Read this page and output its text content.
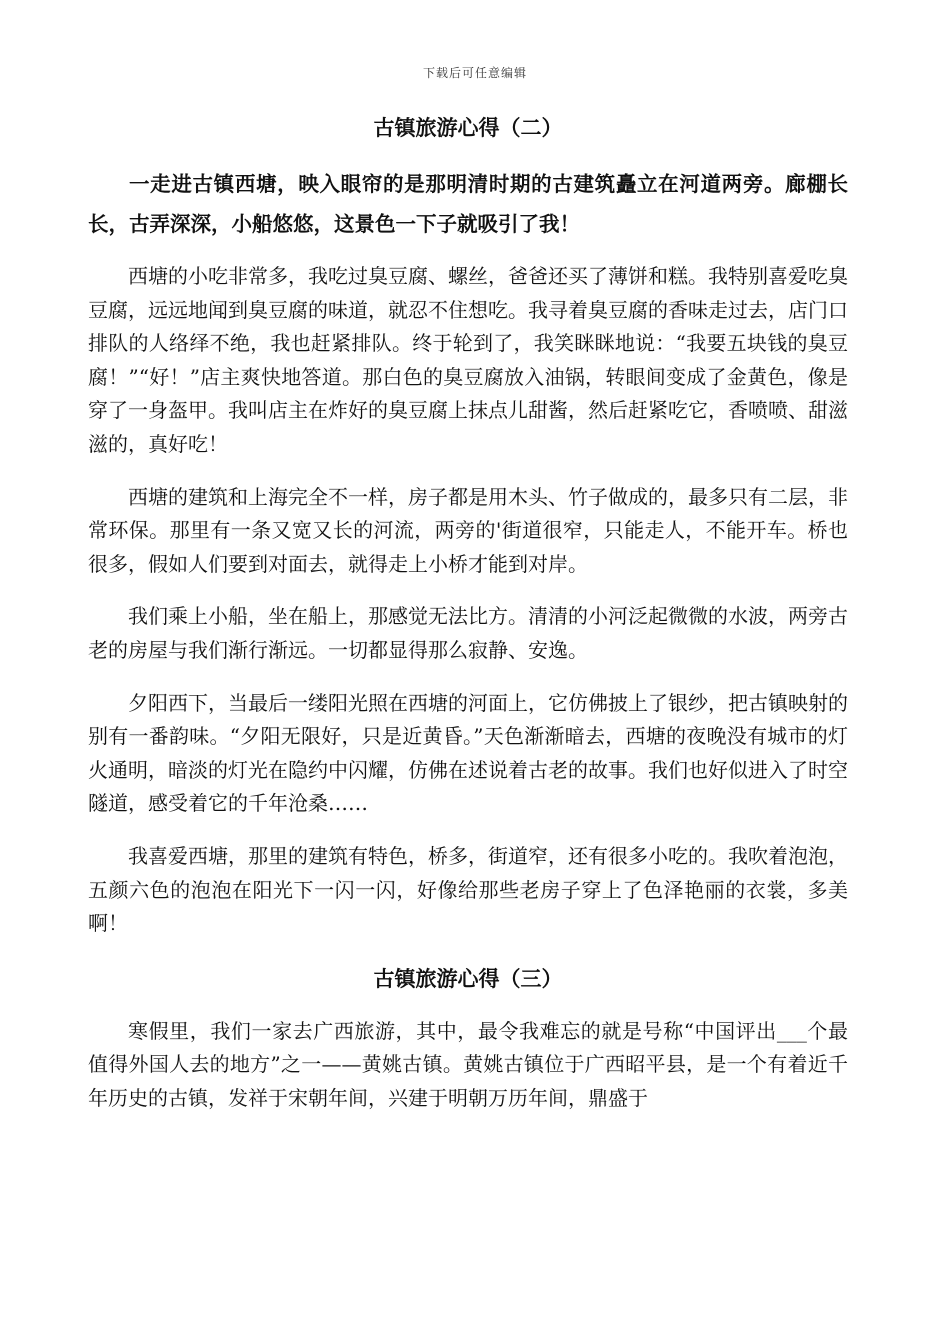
下载后可任意编辑
古镇旅游心得（二）

一走进古镇西塘，映入眼帘的是那明清时期的古建筑矗立在河道两旁。廊棚长长，古弄深深，小船悠悠，这景色一下子就吸引了我！

西塘的小吃非常多，我吃过臭豆腐、螺丝，爸爸还买了薄饼和糕。我特别喜爱吃臭豆腐，远远地闻到臭豆腐的味道，就忍不住想吃。我寻着臭豆腐的香味走过去，店门口排队的人络绎不绝，我也赶紧排队。终于轮到了，我笑眯眯地说：“我要五块钱的臭豆腐！”“好！”店主爽快地答道。那白色的臭豆腐放入油锅，转眼间变成了金黄色，像是穿了一身盔甲。我叫店主在炸好的臭豆腐上抹点儿甜酱，然后赶紧吃它，香喷喷、甜滋滋的，真好吃！

西塘的建筑和上海完全不一样，房子都是用木头、竹子做成的，最多只有二层，非常环保。那里有一条又宽又长的河流，两旁的'街道很窄，只能走人，不能开车。桥也很多，假如人们要到对面去，就得走上小桥才能到对岸。

我们乘上小船，坐在船上，那感觉无法比方。清清的小河泛起微微的水波，两旁古老的房屋与我们渐行渐远。一切都显得那么寂静、安逸。

夕阳西下，当最后一缕阳光照在西塘的河面上，它仿佛披上了银纱，把古镇映射的别有一番韵味。“夕阳无限好，只是近黄昏。”天色渐渐暗去，西塘的夜晚没有城市的灯火通明，暗淡的灯光在隐约中闪耀，仿佛在述说着古老的故事。我们也好似进入了时空隧道，感受着它的千年沧桑……

我喜爱西塘，那里的建筑有特色，桥多，街道窄，还有很多小吃的。我吹着泡泡，五颜六色的泡泡在阳光下一闪一闪，好像给那些老房子穿上了色泽艳丽的衣裳，多美啊！

古镇旅游心得（三）

寒假里，我们一家去广西旅游，其中，最令我难忘的就是号称“中国评出___个最值得外国人去的地方”之一——黄姚古镇。黄姚古镇位于广西昭平县，是一个有着近千年历史的古镇，发祥于宋朝年间，兴建于明朝万历年间，鼎盛于
